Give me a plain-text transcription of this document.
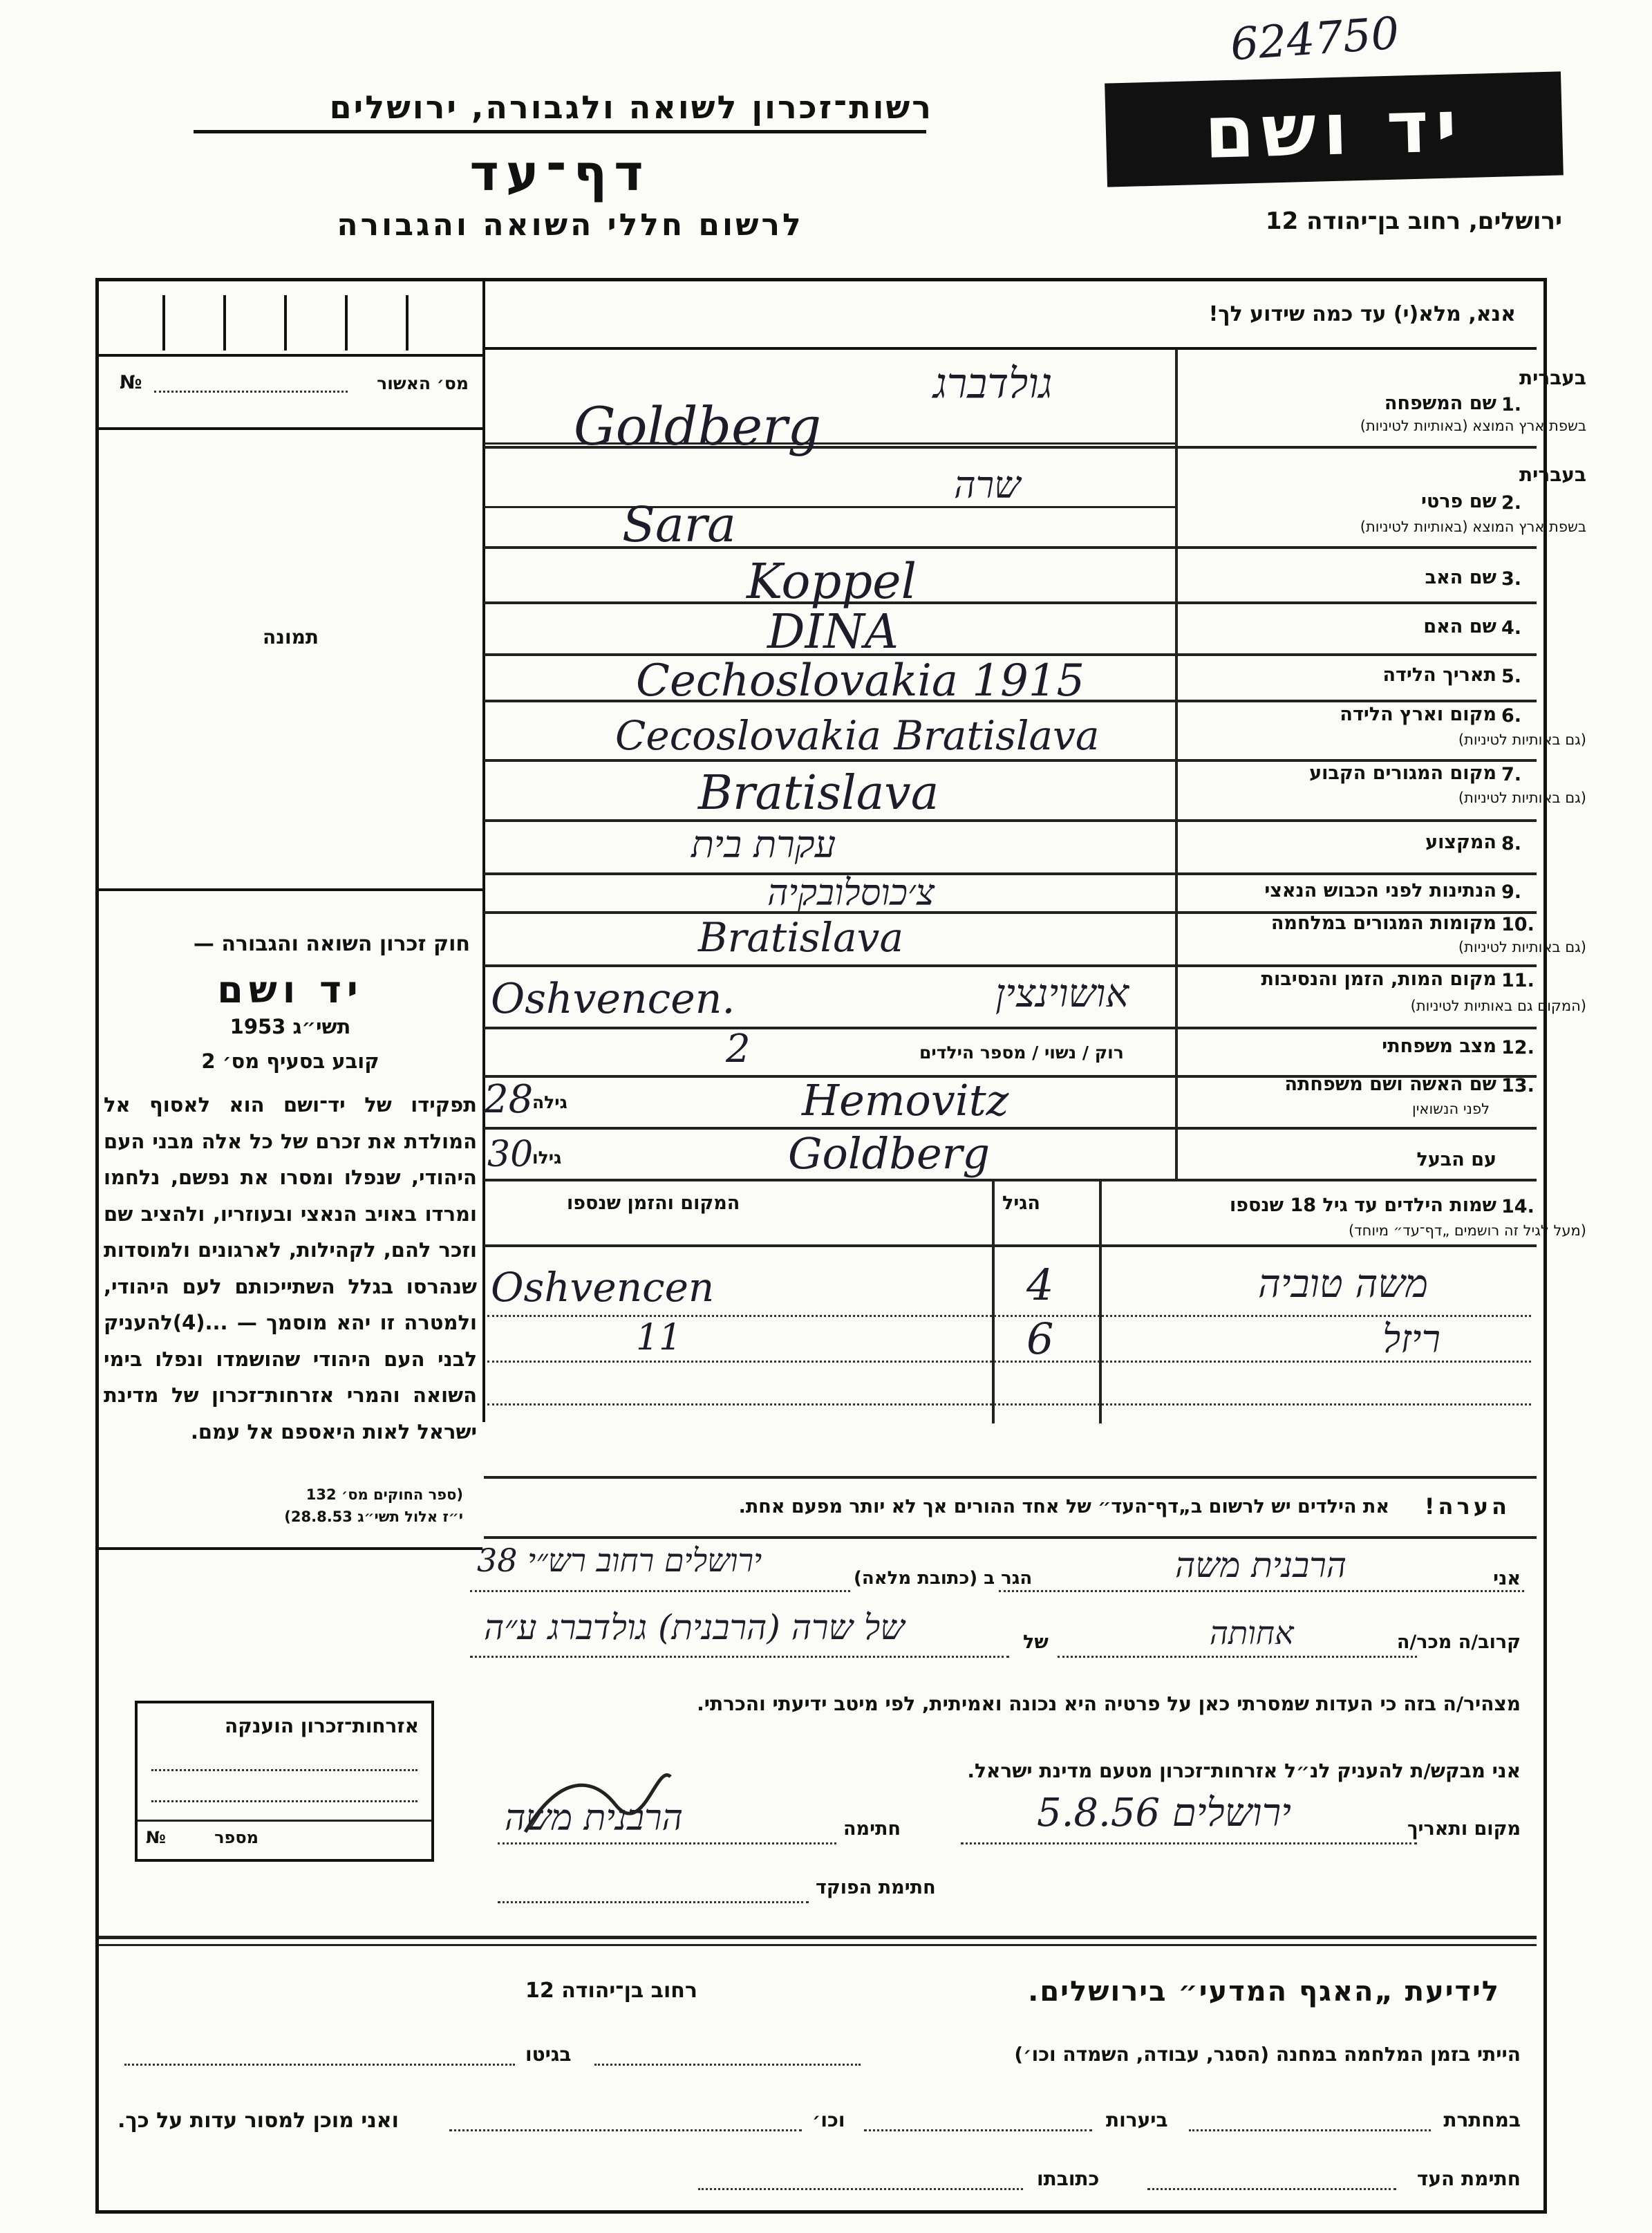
624750
רשות־זכרון לשואה ולגבורה, ירושלים
דף־עד
לרשום חללי השואה והגבורה
יד ושם
ירושלים, רחוב בן־יהודה 12
מס׳ האשור
№
תמונה
חוק זכרון השואה והגבורה —
יד ושם
תשי״ג 1953
קובע בסעיף מס׳ 2
תפקידו של יד־ושם הוא לאסוף אל המולדת את זכרם של כל אלה מבני העם היהודי, שנפלו ומסרו את נפשם, נלחמו ומרדו באויב הנאצי ובעוזריו, ולהציב שם וזכר להם, לקהילות, לארגונים ולמוסדות שנהרסו בגלל השתייכותם לעם היהודי, ולמטרה זו יהא מוסמך — ...(4)להעניק לבני העם היהודי שהושמדו ונפלו בימי השואה והמרי אזרחות־זכרון של מדינת ישראל לאות היאספם אל עמם.
(ספר החוקים מס׳ 132
י״ז אלול תשי״ג 28.8.53)
אזרחות־זכרון הוענקה
מספר
№
אנא, מלא(י) עד כמה שידוע לך!
בעברית
1.
שם המשפחה
בשפת ארץ המוצא (באותיות לטיניות)
גולדברג
Goldberg
בעברית
2.
שם פרטי
בשפת ארץ המוצא (באותיות לטיניות)
שרה
Sara
3.
שם האב
Koppel
4.
שם האם
DINA
5.
תאריך הלידה
Cechoslovakia 1915
6.
מקום וארץ הלידה
(גם באותיות לטיניות)
Cecoslovakia Bratislava
7.
מקום המגורים הקבוע
(גם באותיות לטיניות)
Bratislava
8.
המקצוע
עקרת בית
9.
הנתינות לפני הכבוש הנאצי
צ׳כוסלובקיה
10.
מקומות המגורים במלחמה
(גם באותיות לטיניות)
Bratislava
11.
מקום המות, הזמן והנסיבות
(המקום גם באותיות לטיניות)
Oshvencen.	אושוינצין
12.
מצב משפחתי
רוק / נשוי / מספר הילדים
2
13.
שם האשה ושם משפחתה
לפני הנשואין
Hemovitz
גילה
28
עם הבעל
Goldberg
גילו
30
14.
שמות הילדים עד גיל 18 שנספו
(מעל לגיל זה רושמים „דף־עד״ מיוחד)
הגיל
המקום והזמן שנספו
משה טוביה
4
Oshvencen
ריזל
6
11
הערה!
את הילדים יש לרשום ב„דף־העד״ של אחד ההורים אך לא יותר מפעם אחת.
אני
הרבנית משה
הגר ב (כתובת מלאה)
ירושלים רחוב רש״י 38
קרוב/ה מכר/ה
אחותה
של
של שרה (הרבנית) גולדברג ע״ה
מצהיר/ה בזה כי העדות שמסרתי כאן על פרטיה היא נכונה ואמיתית, לפי מיטב ידיעתי והכרתי.
אני מבקש/ת להעניק לנ״ל אזרחות־זכרון מטעם מדינת ישראל.
מקום ותאריך
ירושלים 5.8.56
חתימה
הרבנית משה
חתימת הפוקד
לידיעת „האגף המדעי״ בירושלים.
רחוב בן־יהודה 12
הייתי בזמן המלחמה במחנה (הסגר, עבודה, השמדה וכו׳)
בגיטו
במחתרת
ביערות
וכו׳
ואני מוכן למסור עדות על כך.
חתימת העד
כתובתו
